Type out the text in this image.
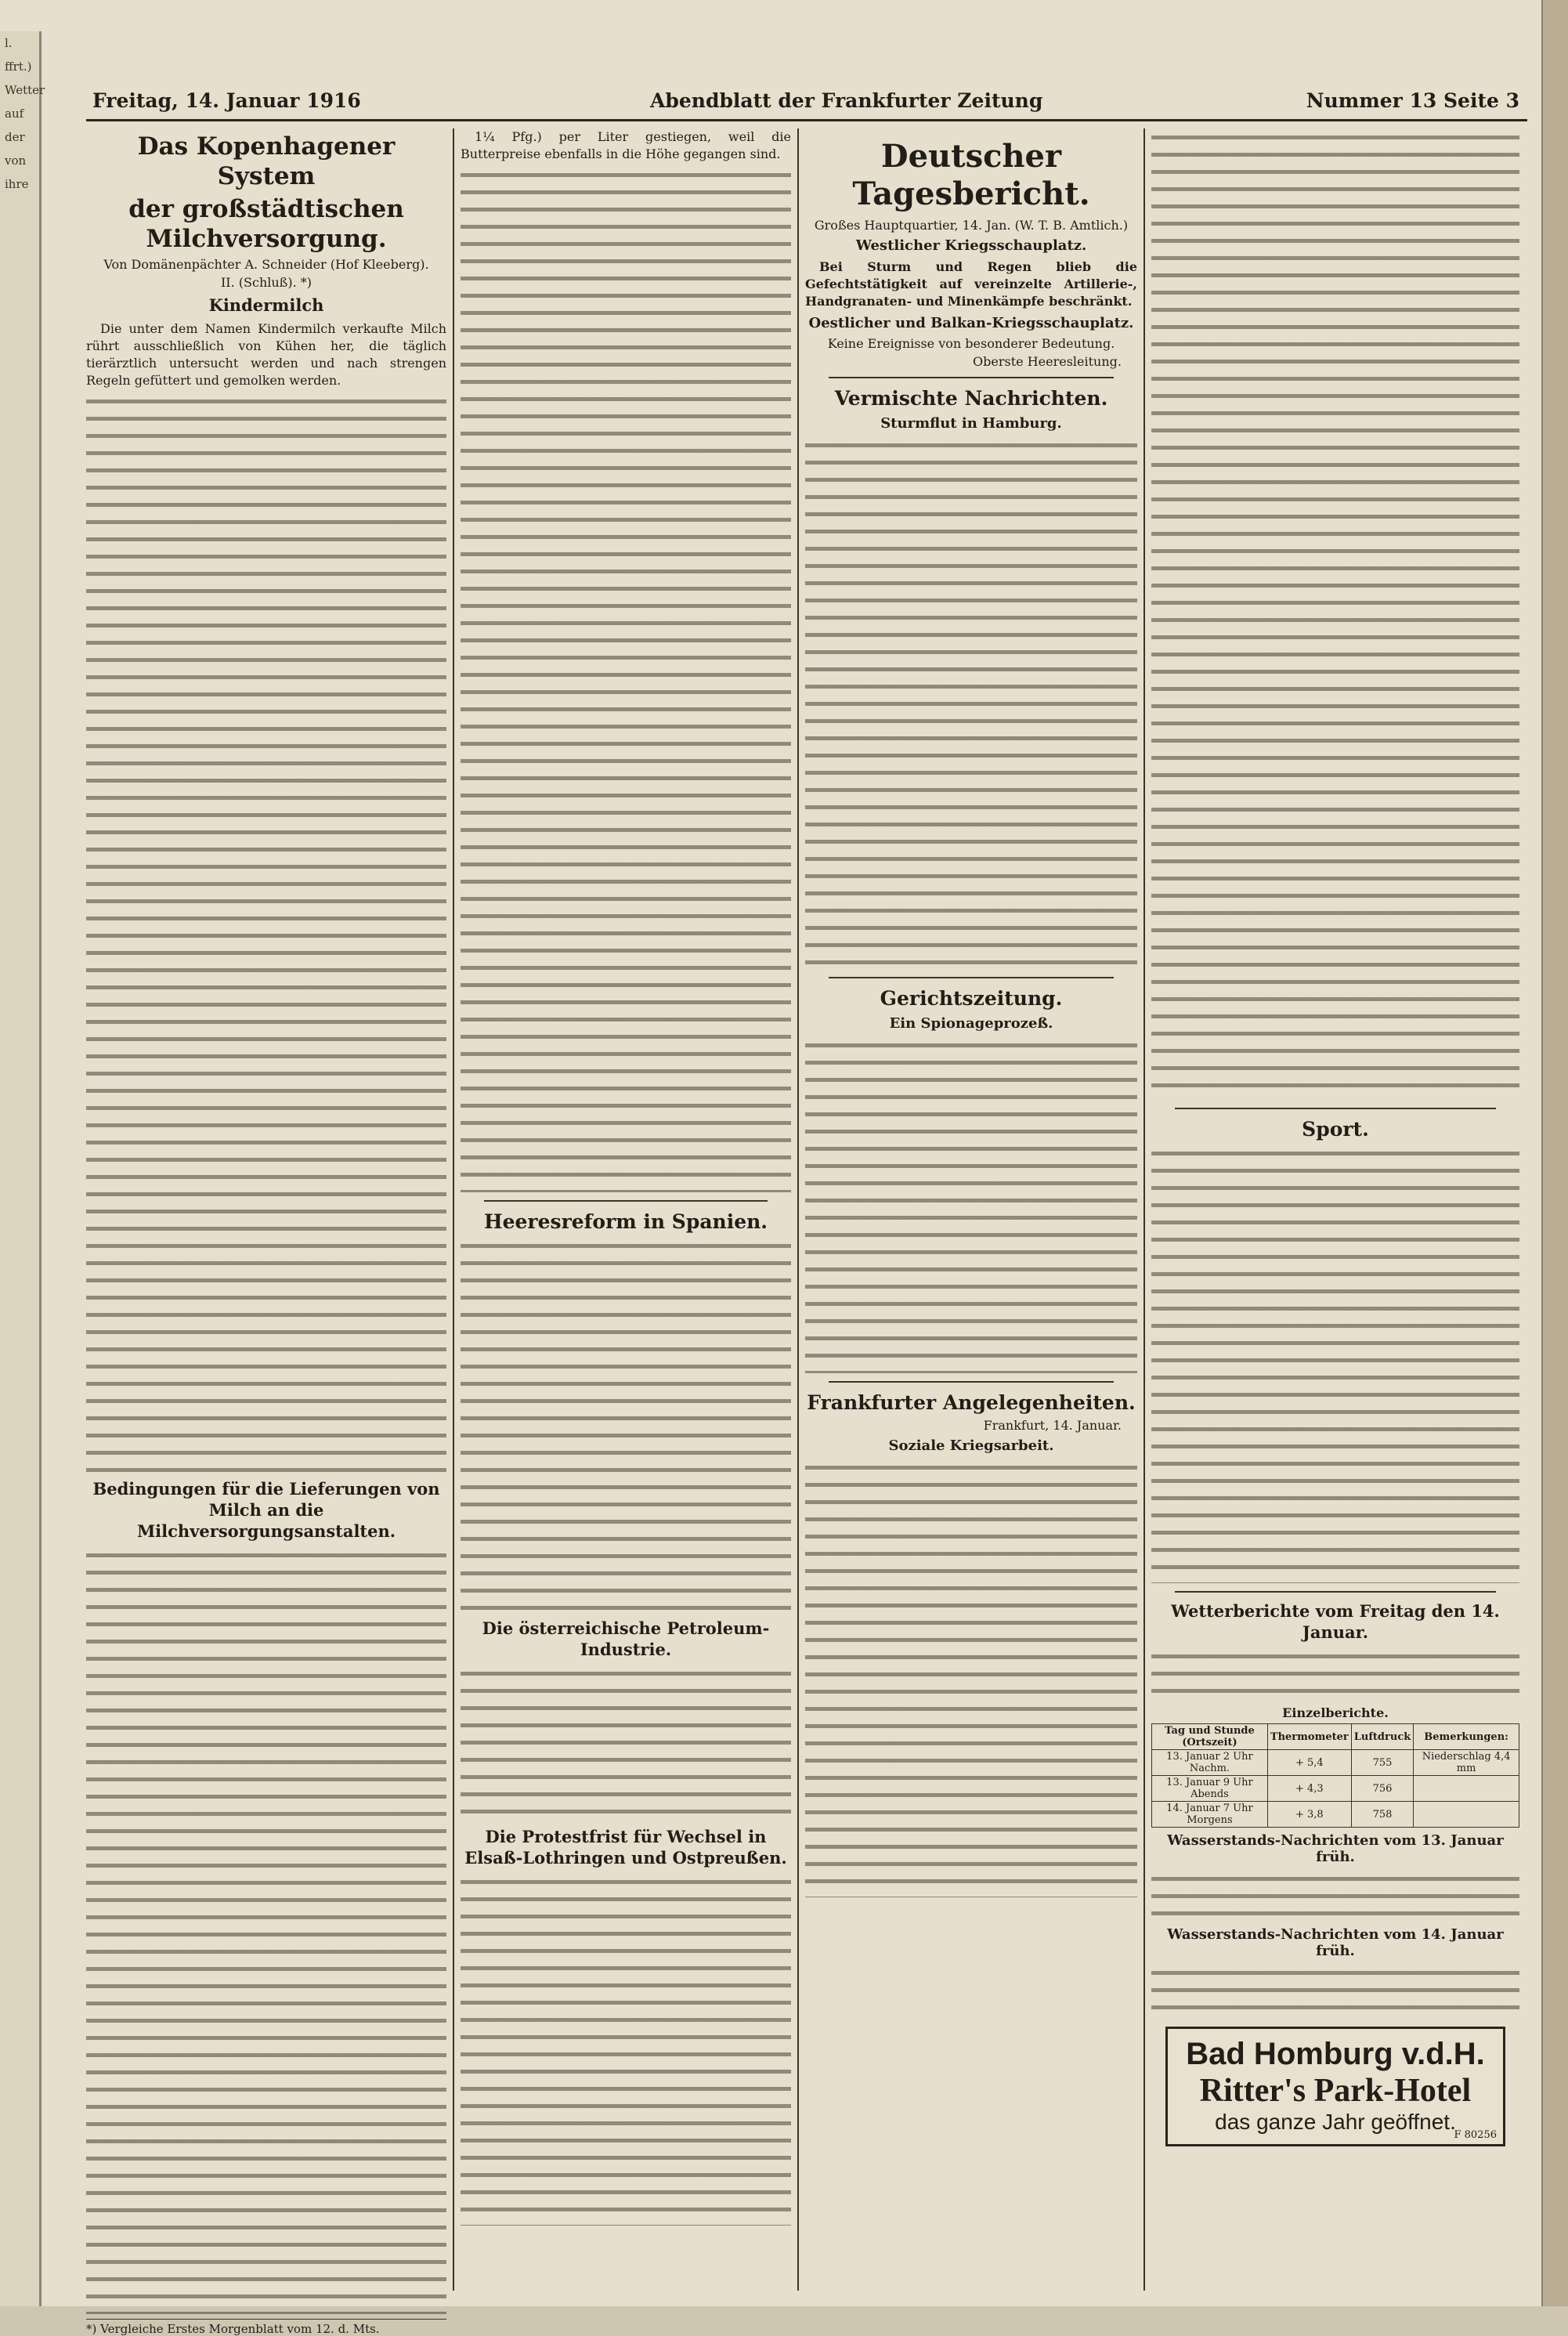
l.
ffrt.)
Wetter
auf
der
von
ihre
Freitag, 14. Januar 1916	Abendblatt der Frankfurter Zeitung	Nummer 13 Seite 3
Das Kopenhagener System
der großstädtischen Milchversorgung.
Von Domänenpächter A. Schneider (Hof Kleeberg).
II. (Schluß). *)
Kindermilch
Die unter dem Namen Kindermilch verkaufte Milch rührt ausschließlich von Kühen her, die täglich tierärztlich untersucht werden und nach strengen Regeln gefüttert und gemolken werden.
Bedingungen für die Lieferungen von Milch an die Milchversorgungsanstalten.
*) Vergleiche Erstes Morgenblatt vom 12. d. Mts.
1¼ Pfg.) per Liter gestiegen, weil die Butterpreise ebenfalls in die Höhe gegangen sind.
Heeresreform in Spanien.
Die österreichische Petroleum-Industrie.
Die Protestfrist für Wechsel in Elsaß-Lothringen und Ostpreußen.
Deutscher Tagesbericht.
Großes Hauptquartier, 14. Jan. (W. T. B. Amtlich.)
Westlicher Kriegsschauplatz.
Bei Sturm und Regen blieb die Gefechtstätigkeit auf vereinzelte Artillerie-, Handgranaten- und Minenkämpfe beschränkt.
Oestlicher und Balkan-Kriegsschauplatz.
Keine Ereignisse von besonderer Bedeutung.
Oberste Heeresleitung.
Vermischte Nachrichten.
Sturmflut in Hamburg.
Gerichtszeitung.
Ein Spionageprozeß.
Frankfurter Angelegenheiten.
Frankfurt, 14. Januar.
Soziale Kriegsarbeit.
Sport.
Wetterberichte vom Freitag den 14. Januar.
Einzelberichte.
Tag und Stunde (Ortszeit)	Thermometer	Luftdruck	Bemerkungen:
13. Januar 2 Uhr Nachm.	+ 5,4	755	Niederschlag 4,4 mm
13. Januar 9 Uhr Abends	+ 4,3	756	
14. Januar 7 Uhr Morgens	+ 3,8	758	
Wasserstands-Nachrichten vom 13. Januar früh.
Wasserstands-Nachrichten vom 14. Januar früh.
Bad Homburg v.d.H.
Ritter's Park-Hotel
das ganze Jahr geöffnet.
F 80256
